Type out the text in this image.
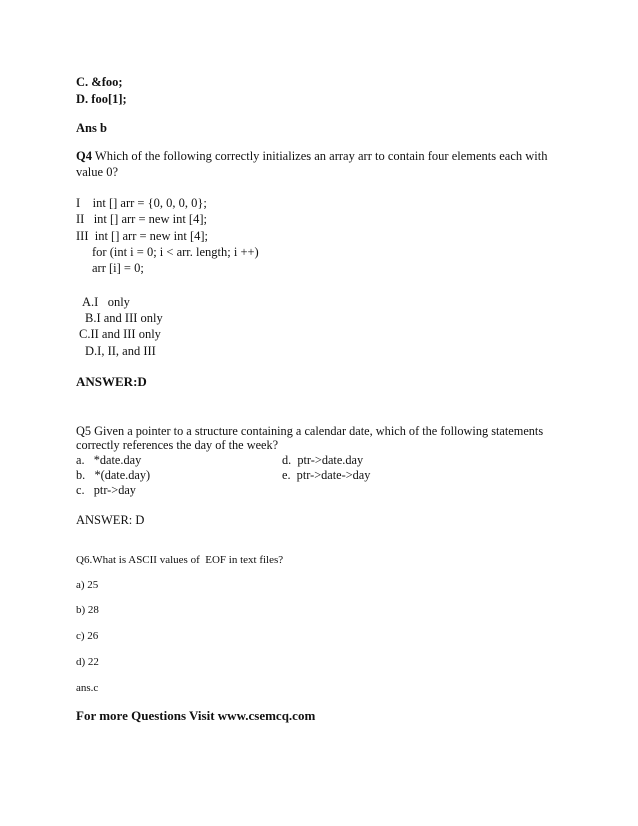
C. &foo;
D. foo[1];
Ans b
Q4 Which of the following correctly initializes an array arr to contain four elements each with
value 0?
I    int [] arr = {0, 0, 0, 0};
II   int [] arr = new int [4];
III  int [] arr = new int [4];
for (int i = 0; i < arr. length; i ++)
arr [i] = 0;
A.I   only
B.I and III only
C.II and III only
D.I, II, and III
ANSWER:D
Q5 Given a pointer to a structure containing a calendar date, which of the following statements
correctly references the day of the week?
a.   *date.day	d.  ptr->date.day
b.   *(date.day)	e.  ptr->date->day
c.   ptr->day
ANSWER: D
Q6.What is ASCII values of  EOF in text files?
a) 25
b) 28
c) 26
d) 22
ans.c
For more Questions Visit www.csemcq.com
